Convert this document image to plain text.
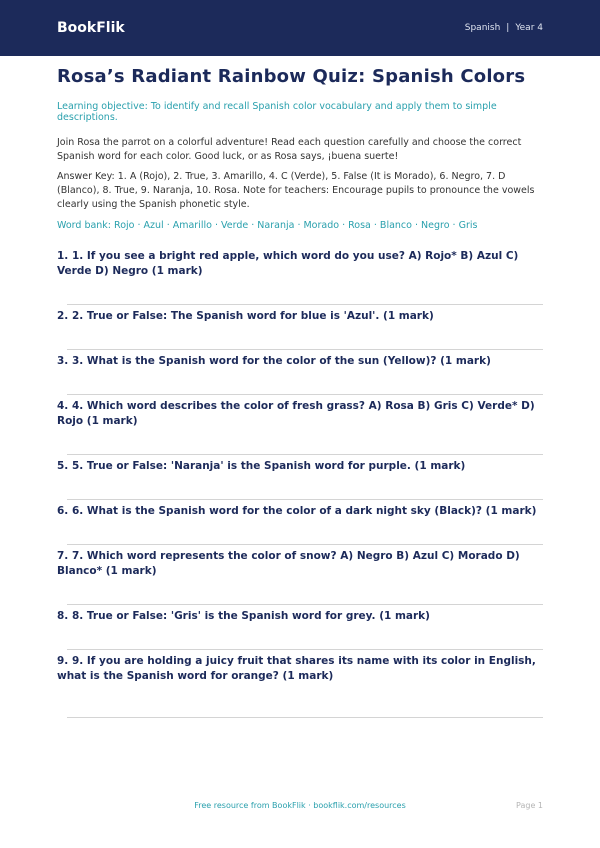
BookFlik	Spanish | Year 4
Rosa’s Radiant Rainbow Quiz: Spanish Colors
Learning objective: To identify and recall Spanish color vocabulary and apply them to simple descriptions.

Join Rosa the parrot on a colorful adventure! Read each question carefully and choose the correct Spanish word for each color. Good luck, or as Rosa says, ¡buena suerte!

Answer Key: 1. A (Rojo), 2. True, 3. Amarillo, 4. C (Verde), 5. False (It is Morado), 6. Negro, 7. D (Blanco), 8. True, 9. Naranja, 10. Rosa. Note for teachers: Encourage pupils to pronounce the vowels clearly using the Spanish phonetic style.

Word bank: Rojo · Azul · Amarillo · Verde · Naranja · Morado · Rosa · Blanco · Negro · Gris
1. 1. If you see a bright red apple, which word do you use? A) Rojo* B) Azul C) Verde D) Negro (1 mark)
2. 2. True or False: The Spanish word for blue is 'Azul'. (1 mark)
3. 3. What is the Spanish word for the color of the sun (Yellow)? (1 mark)
4. 4. Which word describes the color of fresh grass? A) Rosa B) Gris C) Verde* D) Rojo (1 mark)
5. 5. True or False: 'Naranja' is the Spanish word for purple. (1 mark)
6. 6. What is the Spanish word for the color of a dark night sky (Black)? (1 mark)
7. 7. Which word represents the color of snow? A) Negro B) Azul C) Morado D) Blanco* (1 mark)
8. 8. True or False: 'Gris' is the Spanish word for grey. (1 mark)
9. 9. If you are holding a juicy fruit that shares its name with its color in English, what is the Spanish word for orange? (1 mark)
Free resource from BookFlik · bookflik.com/resources	Page 1
